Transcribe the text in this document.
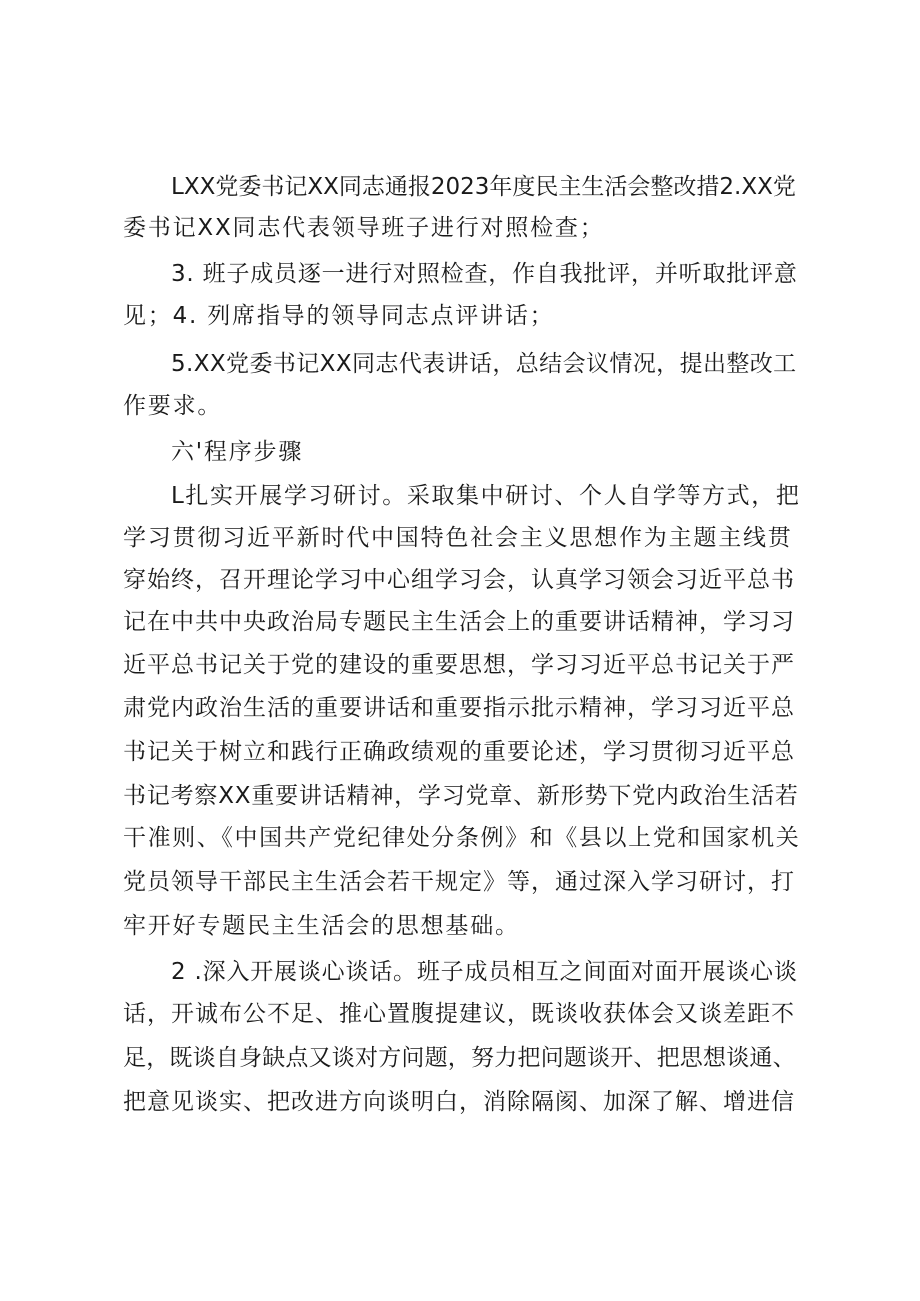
LXX党委书记XX同志通报2023年度民主生活会整改措2.XX党
委书记XX同志代表领导班子进行对照检查；
3. 班子成员逐一进行对照检查，作自我批评，并听取批评意
见；4. 列席指导的领导同志点评讲话；
5.XX党委书记XX同志代表讲话，总结会议情况，提出整改工
作要求。
六'程序步骤
L扎实开展学习研讨。采取集中研讨、个人自学等方式，把
学习贯彻习近平新时代中国特色社会主义思想作为主题主线贯
穿始终，召开理论学习中心组学习会，认真学习领会习近平总书
记在中共中央政治局专题民主生活会上的重要讲话精神，学习习
近平总书记关于党的建设的重要思想，学习习近平总书记关于严
肃党内政治生活的重要讲话和重要指示批示精神，学习习近平总
书记关于树立和践行正确政绩观的重要论述，学习贯彻习近平总
书记考察XX重要讲话精神，学习党章、新形势下党内政治生活若
干准则、《中国共产党纪律处分条例》和《县以上党和国家机关
党员领导干部民主生活会若干规定》等，通过深入学习研讨，打
牢开好专题民主生活会的思想基础。
2 .深入开展谈心谈话。班子成员相互之间面对面开展谈心谈
话，开诚布公不足、推心置腹提建议，既谈收获体会又谈差距不
足，既谈自身缺点又谈对方问题，努力把问题谈开、把思想谈通、
把意见谈实、把改进方向谈明白，消除隔阂、加深了解、增进信
